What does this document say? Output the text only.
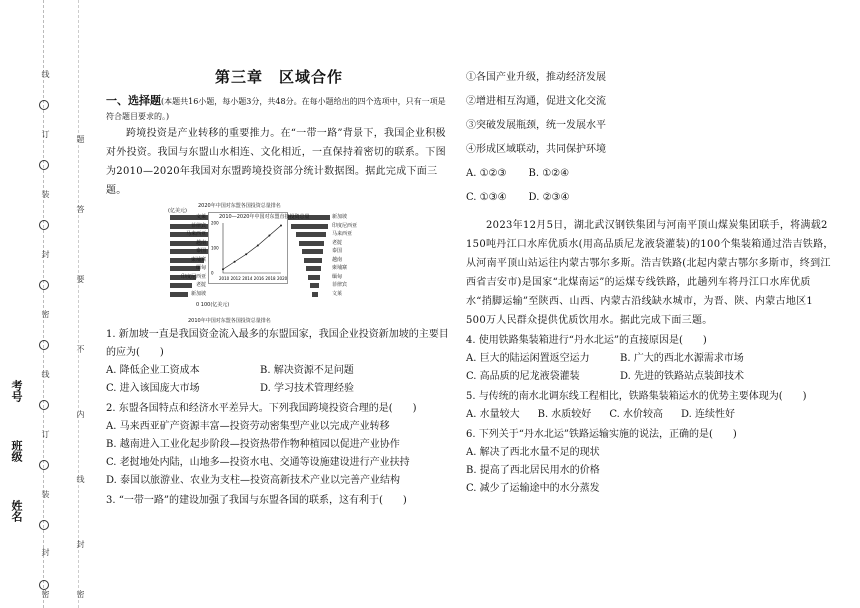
线
订
装
封
密
线
订
装
封
密
题
答
要
不
内
线
封
密
考号
班级
姓名
第三章　区域合作
一、选择题(本题共16小题，每小题3分，共48分。在每小题给出的四个选项中，只有一项是符合题目要求的。)

跨境投资是产业转移的重要推力。在“一带一路”背景下，我国企业积极对外投资。我国与东盟山水相连、文化相近，一直保持着密切的联系。下图为2010—2020年我国对东盟跨境投资部分统计数据图。据此完成下面三题。

2020年中国对东盟各国投资总量排名
(亿美元)
文莱
菲律宾
马来西亚
越南
泰国
柬埔寨
缅甸
印度尼西亚
老挝
新加坡
新加坡
印度尼西亚
马来西亚
老挝
泰国
越南
柬埔寨
缅甸
菲律宾
文莱
2010—2020年中国对东盟直接投资总量
2010 2012 2014 2016 2018 2020
0
100
200
0 100(亿美元)
2010年中国对东盟各国投资总量排名

1. 新加坡一直是我国资金流入最多的东盟国家，我国企业投资新加坡的主要目的应为(　　)

A. 降低企业工资成本	B. 解决资源不足问题
C. 进入该国庞大市场	D. 学习技术管理经验

2. 东盟各国特点和经济水平差异大。下列我国跨境投资合理的是(　　)

A. 马来西亚矿产资源丰富—投资劳动密集型产业以完成产业转移

B. 越南进入工业化起步阶段—投资热带作物种植园以促进产业协作

C. 老挝地处内陆，山地多—投资水电、交通等设施建设进行产业扶持

D. 泰国以旅游业、农业为支柱—投资高新技术产业以完善产业结构

3. “一带一路”的建设加强了我国与东盟各国的联系，这有利于(　　)

①各国产业升级，推动经济发展

②增进相互沟通，促进文化交流

③突破发展瓶颈，统一发展水平

④形成区域联动，共同保护环境

A. ①②③ B. ①②④
C. ①③④ D. ②③④

2023年12月5日，湖北武汉钢铁集团与河南平顶山煤炭集团联手，将满载2 150吨丹江口水库优质水(用高品质尼龙液袋灌装)的100个集装箱通过浩吉铁路，从河南平顶山站运往内蒙古鄂尔多斯。浩吉铁路(北起内蒙古鄂尔多斯市，终到江西省吉安市)是国家“北煤南运”的运煤专线铁路，此趟列车将丹江口水库优质水“捎脚运输”至陕西、山西、内蒙古沿线缺水城市，为晋、陕、内蒙古地区1 500万人民群众提供优质饮用水。据此完成下面三题。

4. 使用铁路集装箱进行“丹水北运”的直接原因是(　　)

A. 巨大的陆运闲置返空运力	B. 广大的西北水源需求市场
C. 高品质的尼龙液袋灌装	D. 先进的铁路站点装卸技术

5. 与传统的南水北调东线工程相比，铁路集装箱运水的优势主要体现为(　　)

A. 水量较大 B. 水质较好 C. 水价较高 D. 连续性好

6. 下列关于“丹水北运”铁路运输实施的说法，正确的是(　　)

A. 解决了西北水量不足的现状

B. 提高了西北居民用水的价格

C. 减少了运输途中的水分蒸发
